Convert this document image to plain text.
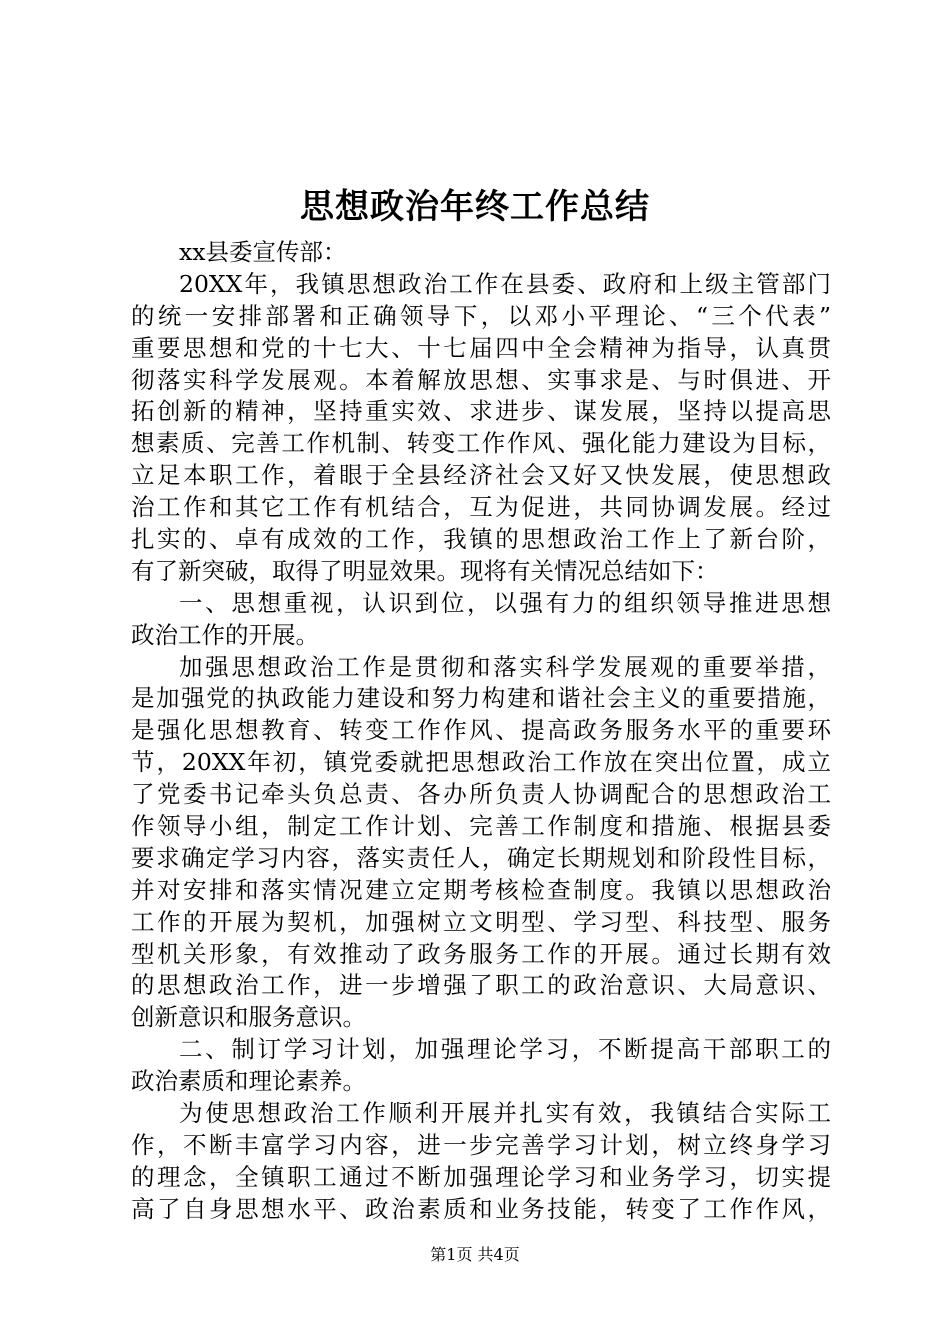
思想政治年终工作总结
xx县委宣传部：
20XX年，我镇思想政治工作在县委、政府和上级主管部门
的统一安排部署和正确领导下，以邓小平理论、“三个代表”
重要思想和党的十七大、十七届四中全会精神为指导，认真贯
彻落实科学发展观。本着解放思想、实事求是、与时俱进、开
拓创新的精神，坚持重实效、求进步、谋发展，坚持以提高思
想素质、完善工作机制、转变工作作风、强化能力建设为目标，
立足本职工作，着眼于全县经济社会又好又快发展，使思想政
治工作和其它工作有机结合，互为促进，共同协调发展。经过
扎实的、卓有成效的工作，我镇的思想政治工作上了新台阶，
有了新突破，取得了明显效果。现将有关情况总结如下：
一、思想重视，认识到位，以强有力的组织领导推进思想
政治工作的开展。
加强思想政治工作是贯彻和落实科学发展观的重要举措，
是加强党的执政能力建设和努力构建和谐社会主义的重要措施，
是强化思想教育、转变工作作风、提高政务服务水平的重要环
节，20XX年初，镇党委就把思想政治工作放在突出位置，成立
了党委书记牵头负总责、各办所负责人协调配合的思想政治工
作领导小组，制定工作计划、完善工作制度和措施、根据县委
要求确定学习内容，落实责任人，确定长期规划和阶段性目标，
并对安排和落实情况建立定期考核检查制度。我镇以思想政治
工作的开展为契机，加强树立文明型、学习型、科技型、服务
型机关形象，有效推动了政务服务工作的开展。通过长期有效
的思想政治工作，进一步增强了职工的政治意识、大局意识、
创新意识和服务意识。
二、制订学习计划，加强理论学习，不断提高干部职工的
政治素质和理论素养。
为使思想政治工作顺利开展并扎实有效，我镇结合实际工
作，不断丰富学习内容，进一步完善学习计划，树立终身学习
的理念，全镇职工通过不断加强理论学习和业务学习，切实提
高了自身思想水平、政治素质和业务技能，转变了工作作风，
第1页 共4页
